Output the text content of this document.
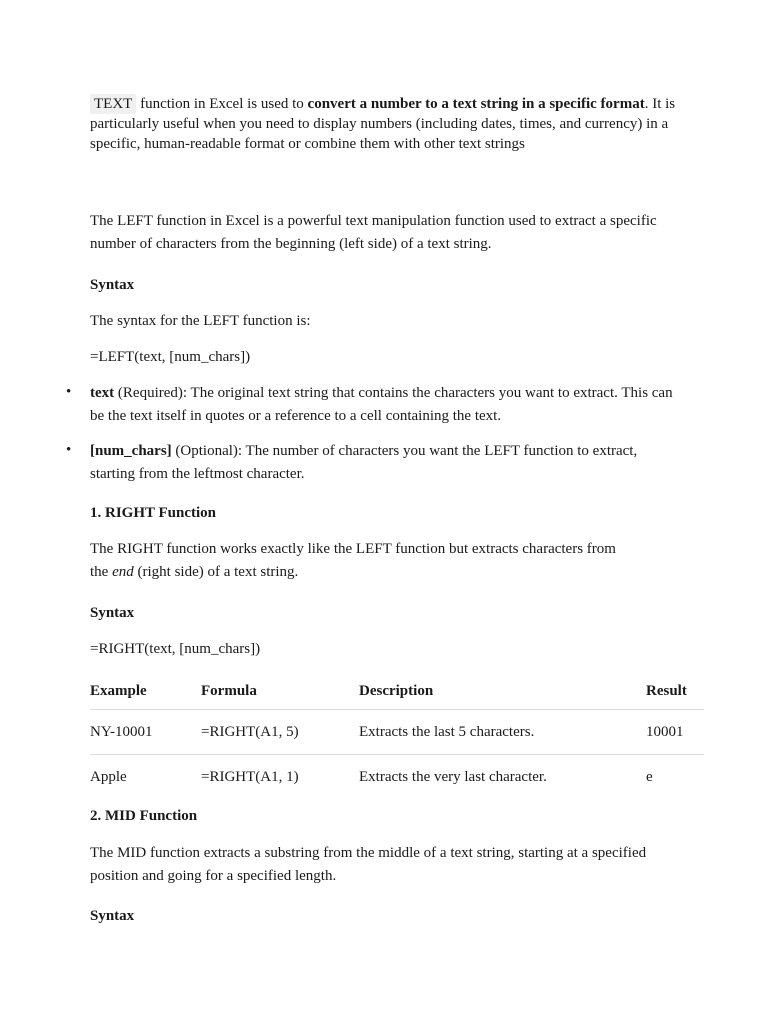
TEXT function in Excel is used to convert a number to a text string in a specific format. It is particularly useful when you need to display numbers (including dates, times, and currency) in a specific, human-readable format or combine them with other text strings

The LEFT function in Excel is a powerful text manipulation function used to extract a specific number of characters from the beginning (left side) of a text string.

Syntax

The syntax for the LEFT function is:

=LEFT(text, [num_chars])

• text (Required): The original text string that contains the characters you want to extract. This can be the text itself in quotes or a reference to a cell containing the text.

• [num_chars] (Optional): The number of characters you want the LEFT function to extract, starting from the leftmost character.

1. RIGHT Function

The RIGHT function works exactly like the LEFT function but extracts characters from the end (right side) of a text string.

Syntax

=RIGHT(text, [num_chars])

Example	Formula	Description	Result
NY-10001	=RIGHT(A1, 5)	Extracts the last 5 characters.	10001
Apple	=RIGHT(A1, 1)	Extracts the very last character.	e

2. MID Function

The MID function extracts a substring from the middle of a text string, starting at a specified position and going for a specified length.

Syntax
